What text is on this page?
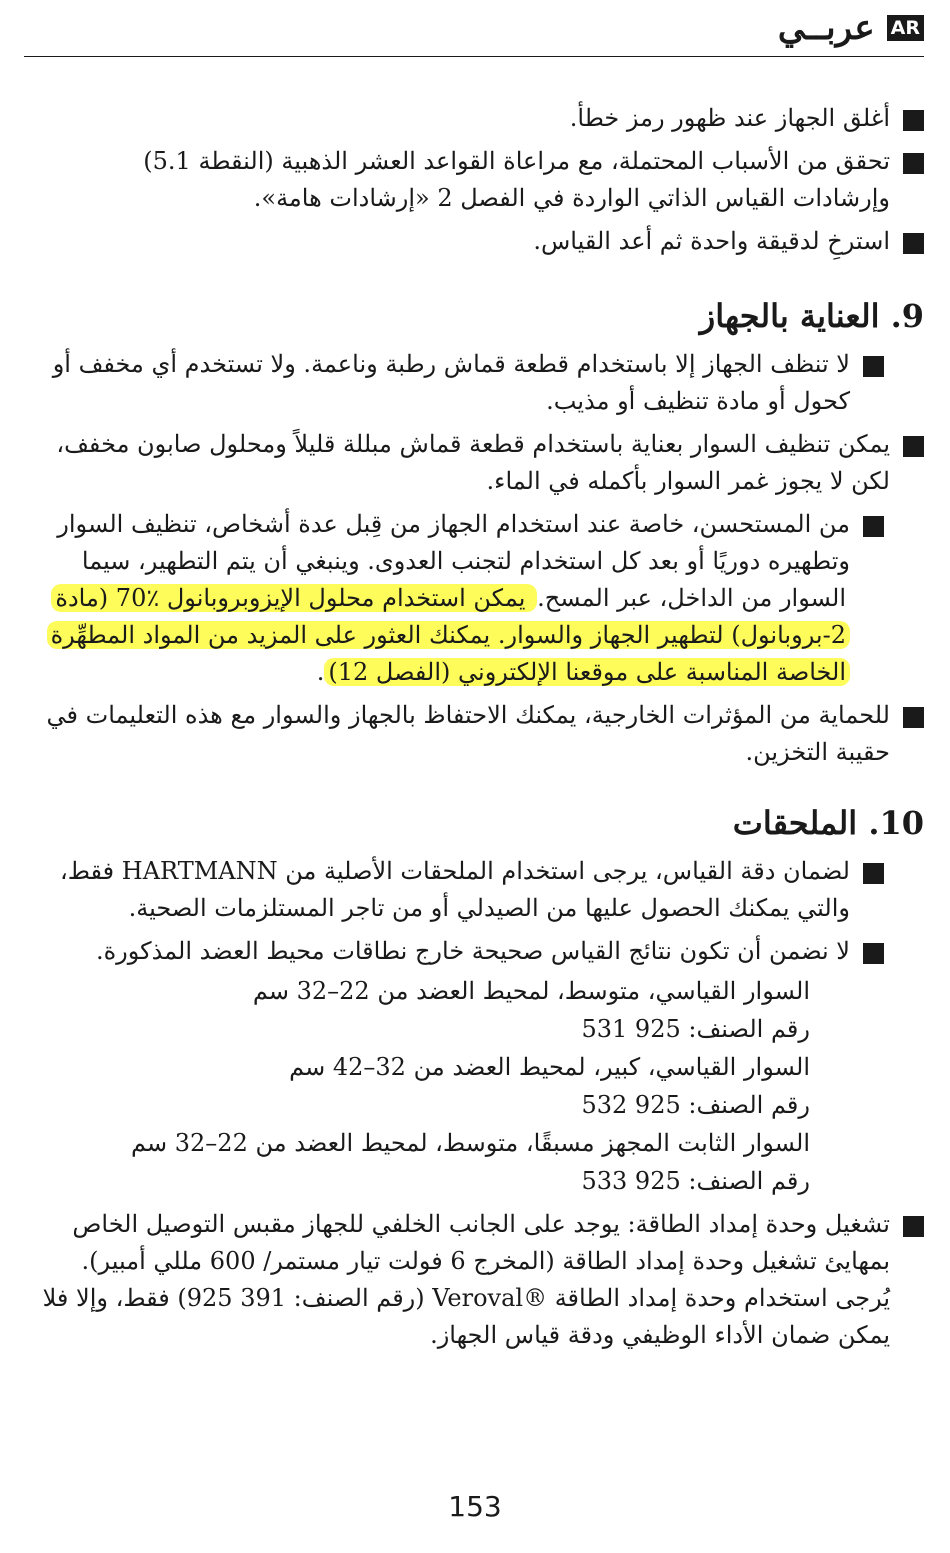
AR
عربــي
أغلق الجهاز عند ظهور رمز خطأ.
تحقق من الأسباب المحتملة، مع مراعاة القواعد العشر الذهبية (النقطة 5.1) وإرشادات القياس الذاتي الواردة في الفصل 2 «إرشادات هامة».
استرخِ لدقيقة واحدة ثم أعد القياس.
9. العناية بالجهاز
لا تنظف الجهاز إلا باستخدام قطعة قماش رطبة وناعمة. ولا تستخدم أي مخفف أو كحول أو مادة تنظيف أو مذيب.
يمكن تنظيف السوار بعناية باستخدام قطعة قماش مبللة قليلاً ومحلول صابون مخفف، لكن لا يجوز غمر السوار بأكمله في الماء.
من المستحسن، خاصة عند استخدام الجهاز من قِبل عدة أشخاص، تنظيف السوار وتطهيره دوريًا أو بعد كل استخدام لتجنب العدوى. وينبغي أن يتم التطهير، سيما السوار من الداخل، عبر المسح. يمكن استخدام محلول الإيزوبروبانول ‎70٪ (مادة 2-بروبانول) لتطهير الجهاز والسوار. يمكنك العثور على المزيد من المواد المطهِّرة الخاصة المناسبة على موقعنا الإلكتروني (الفصل 12).
للحماية من المؤثرات الخارجية، يمكنك الاحتفاظ بالجهاز والسوار مع هذه التعليمات في حقيبة التخزين.
10. الملحقات
لضمان دقة القياس، يرجى استخدام الملحقات الأصلية من HARTMANN فقط، والتي يمكنك الحصول عليها من الصيدلي أو من تاجر المستلزمات الصحية.
لا نضمن أن تكون نتائج القياس صحيحة خارج نطاقات محيط العضد المذكورة.
السوار القياسي، متوسط، لمحيط العضد من 22–32 سم
رقم الصنف: 925 531
السوار القياسي، كبير، لمحيط العضد من 32–42 سم
رقم الصنف: 925 532
السوار الثابت المجهز مسبقًا، متوسط، لمحيط العضد من 22–32 سم
رقم الصنف: 925 533
تشغيل وحدة إمداد الطاقة: يوجد على الجانب الخلفي للجهاز مقبس التوصيل الخاص بمهايئ تشغيل وحدة إمداد الطاقة (المخرج 6 فولت تيار مستمر/ 600 مللي أمبير).
يُرجى استخدام وحدة إمداد الطاقة ®Veroval (رقم الصنف: 391 925) فقط، وإلا فلا يمكن ضمان الأداء الوظيفي ودقة قياس الجهاز.
153
